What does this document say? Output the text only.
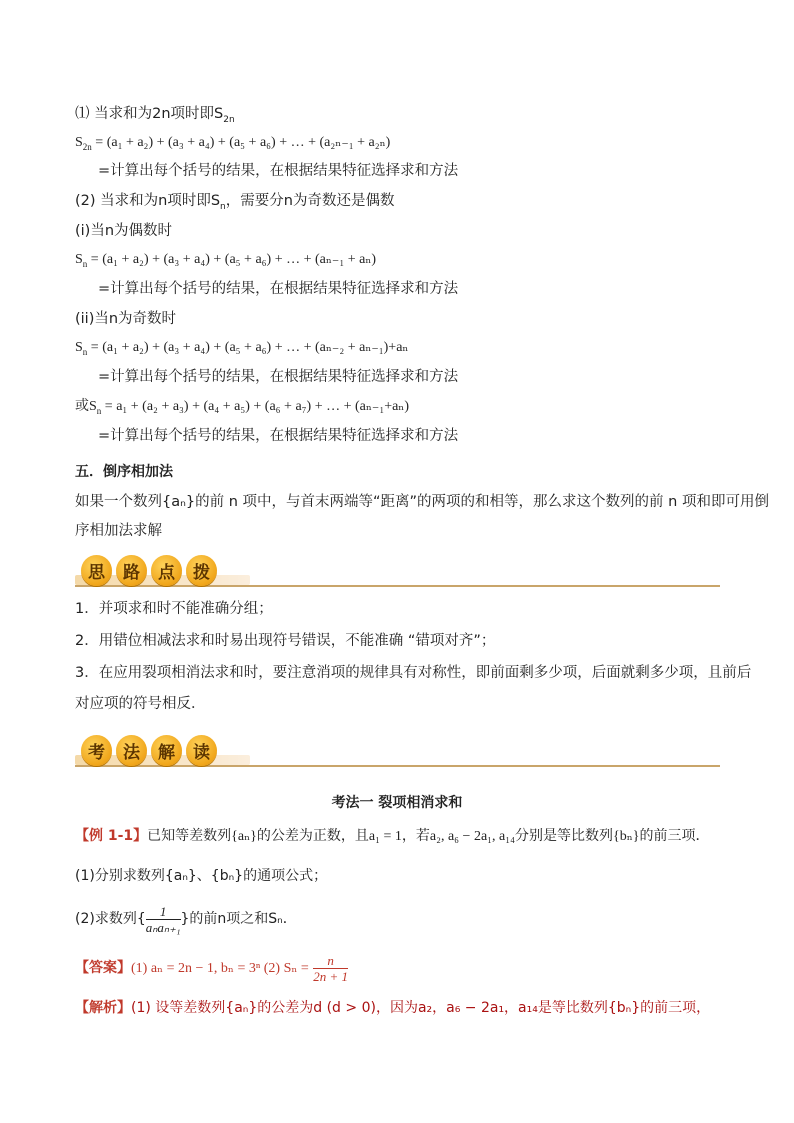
⑴ 当求和为2n项时即$S_{2n}$
$S_{2n} = (a_1 + a_2) + (a_3 + a_4) + (a_5 + a_6)$ + … + (a₂ₙ₋₁ + a₂ₙ)
=计算出每个括号的结果，在根据结果特征选择求和方法
(2) 当求和为n项时即$S_n$，需要分n为奇数还是偶数
(i)当n为偶数时
$S_n = (a_1 + a_2) + (a_3 + a_4) + (a_5 + a_6)$ + … + (aₙ₋₁ + aₙ)
=计算出每个括号的结果，在根据结果特征选择求和方法
(ii)当n为奇数时
$S_n = (a_1 + a_2) + (a_3 + a_4) + (a_5 + a_6)$ + … + (aₙ₋₂ + aₙ₋₁)+aₙ
=计算出每个括号的结果，在根据结果特征选择求和方法
或$S_n = a_1 + (a_2 + a_3) + (a_4 + a_5) + (a_6 + a_7)$ + … + (aₙ₋₁+aₙ)
=计算出每个括号的结果，在根据结果特征选择求和方法
五．倒序相加法
如果一个数列{aₙ}的前 n 项中，与首末两端等“距离”的两项的和相等，那么求这个数列的前 n 项和即可用倒
序相加法求解
思	路	点	拨
1．并项求和时不能准确分组；
2．用错位相减法求和时易出现符号错误，不能准确 “错项对齐”；
3．在应用裂项相消法求和时，要注意消项的规律具有对称性，即前面剩多少项，后面就剩多少项，且前后
对应项的符号相反．
考	法	解	读
考法一 裂项相消求和
【例 1-1】已知等差数列{aₙ}的公差为正数，且a₁ = 1，若a₂, a₆ − 2a₁, a₁₄分别是等比数列{bₙ}的前三项．
(1)分别求数列{aₙ}、{bₙ}的通项公式；
(2)求数列{ $\frac{1}{\text{aₙaₙ₊₁}}$ }的前n项之和Sₙ．
【答案】(1) aₙ = 2n − 1, bₙ = 3ⁿ (2) $S_n = \frac{n}{2n + 1}$
【解析】(1) 设等差数列{aₙ}的公差为d (d > 0)，因为a₂，a₆ − 2a₁，a₁₄是等比数列{bₙ}的前三项，
